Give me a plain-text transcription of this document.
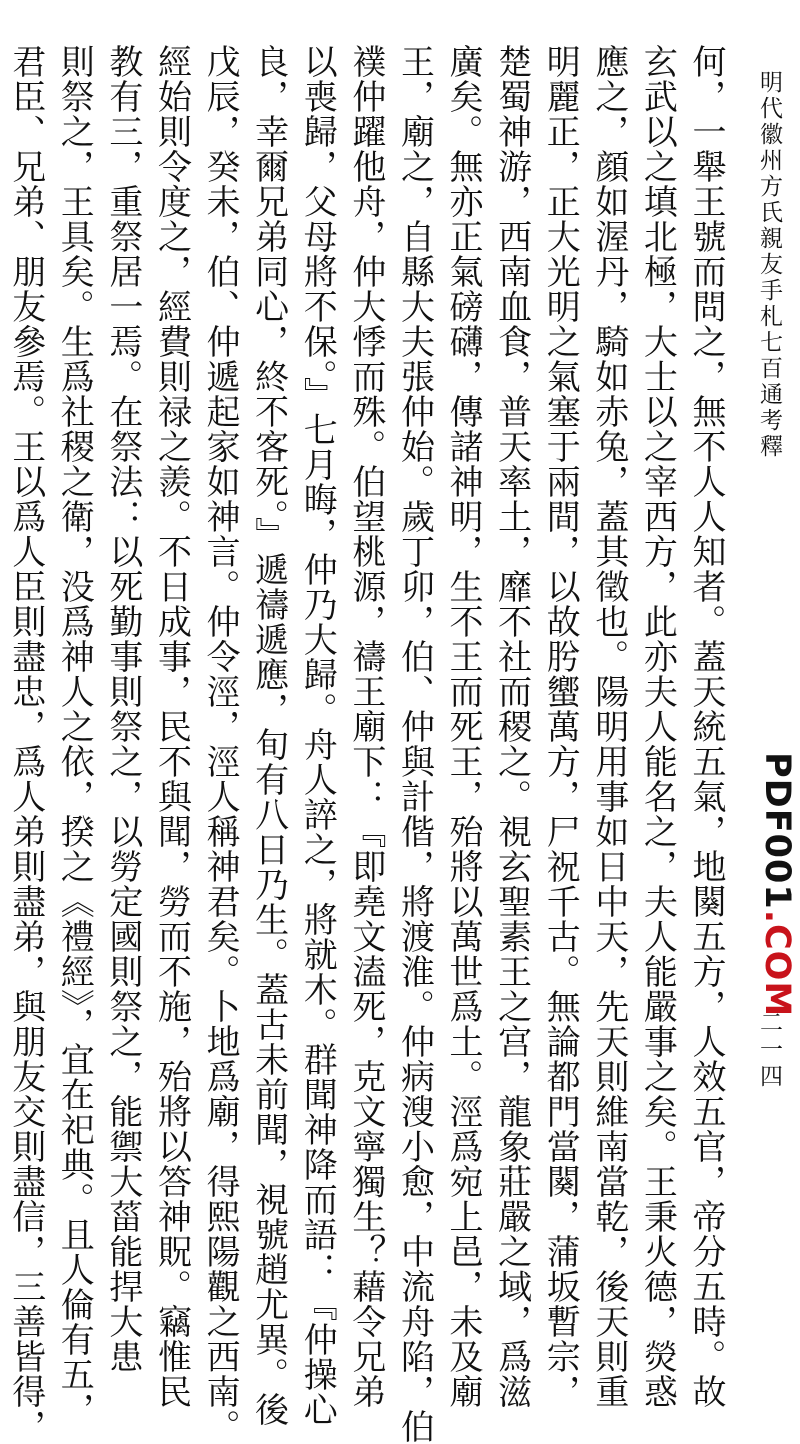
明代徽州方氏親友手札七百通考釋
PDF001.COM
二一四
何，一舉王號而問之，無不人人知者。蓋天統五氣，地闋五方，人效五官，帝分五時。故
玄武以之填北極，大士以之宰西方，此亦夫人能名之，夫人能嚴事之矣。王秉火德，熒惑
應之，顔如渥丹，騎如赤兔，蓋其徵也。陽明用事如日中天，先天則維南當乾，後天則重
明麗正，正大光明之氣塞于兩間，以故肹蠁萬方，尸祝千古。無論都門當闋，蒲坂暫宗，
楚蜀神游，西南血食，普天率土，靡不社而稷之。視玄聖素王之宫，龍象莊嚴之域，爲滋
廣矣。無亦正氣磅礴，傳諸神明，生不王而死王，殆將以萬世爲土。涇爲宛上邑，未及廟
王，廟之，自縣大夫張仲始。歲丁卯，伯、仲與計偕，將渡淮。仲病溲小愈，中流舟陷，伯
襆仲躍他舟，仲大悸而殊。伯望桃源，禱王廟下：『即堯文溘死，克文寧獨生？藉令兄弟
以喪歸，父母將不保。』七月晦，仲乃大歸。舟人誶之，將就木。群聞神降而語：『仲操心
良，幸爾兄弟同心，終不客死。』遞禱遞應，旬有八日乃生。蓋古未前聞，視號趙尤異。後
戊辰，癸未，伯、仲遞起家如神言。仲令涇，涇人稱神君矣。卜地爲廟，得熙陽觀之西南。
經始則令度之，經費則禄之羨。不日成事，民不與聞，勞而不施，殆將以答神貺。竊惟民
教有三，重祭居一焉。在祭法：以死勤事則祭之，以勞定國則祭之，能禦大菑能捍大患
則祭之，王具矣。生爲社稷之衛，没爲神人之依，揆之《禮經》，宜在祀典。且人倫有五，
君臣、兄弟、朋友參焉。王以爲人臣則盡忠，爲人弟則盡弟，與朋友交則盡信，三善皆得，
